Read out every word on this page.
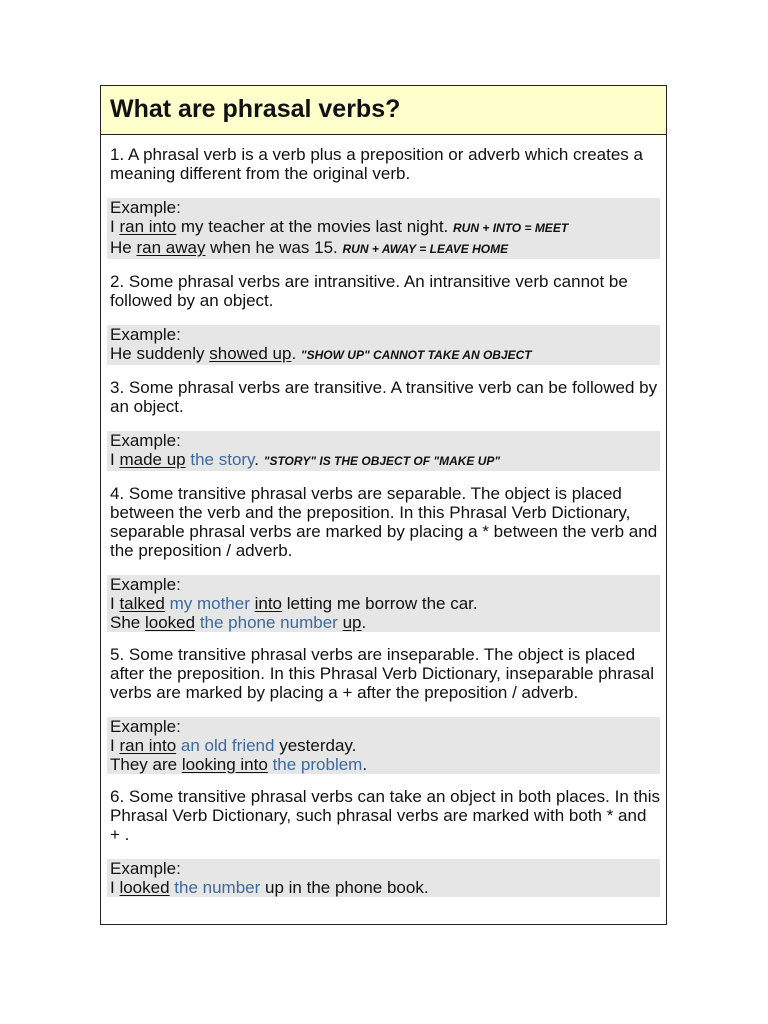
What are phrasal verbs?

1. A phrasal verb is a verb plus a preposition or adverb which creates a meaning different from the original verb.

Example:
I ran into my teacher at the movies last night. RUN + INTO = MEET
He ran away when he was 15. RUN + AWAY = LEAVE HOME

2. Some phrasal verbs are intransitive. An intransitive verb cannot be followed by an object.

Example:
He suddenly showed up. "SHOW UP" CANNOT TAKE AN OBJECT

3. Some phrasal verbs are transitive. A transitive verb can be followed by an object.

Example:
I made up the story. "STORY" IS THE OBJECT OF "MAKE UP"

4. Some transitive phrasal verbs are separable. The object is placed between the verb and the preposition. In this Phrasal Verb Dictionary, separable phrasal verbs are marked by placing a * between the verb and the preposition / adverb.

Example:
I talked my mother into letting me borrow the car.
She looked the phone number up.

5. Some transitive phrasal verbs are inseparable. The object is placed after the preposition. In this Phrasal Verb Dictionary, inseparable phrasal verbs are marked by placing a + after the preposition / adverb.

Example:
I ran into an old friend yesterday.
They are looking into the problem.

6. Some transitive phrasal verbs can take an object in both places. In this Phrasal Verb Dictionary, such phrasal verbs are marked with both * and + .

Example:
I looked the number up in the phone book.
